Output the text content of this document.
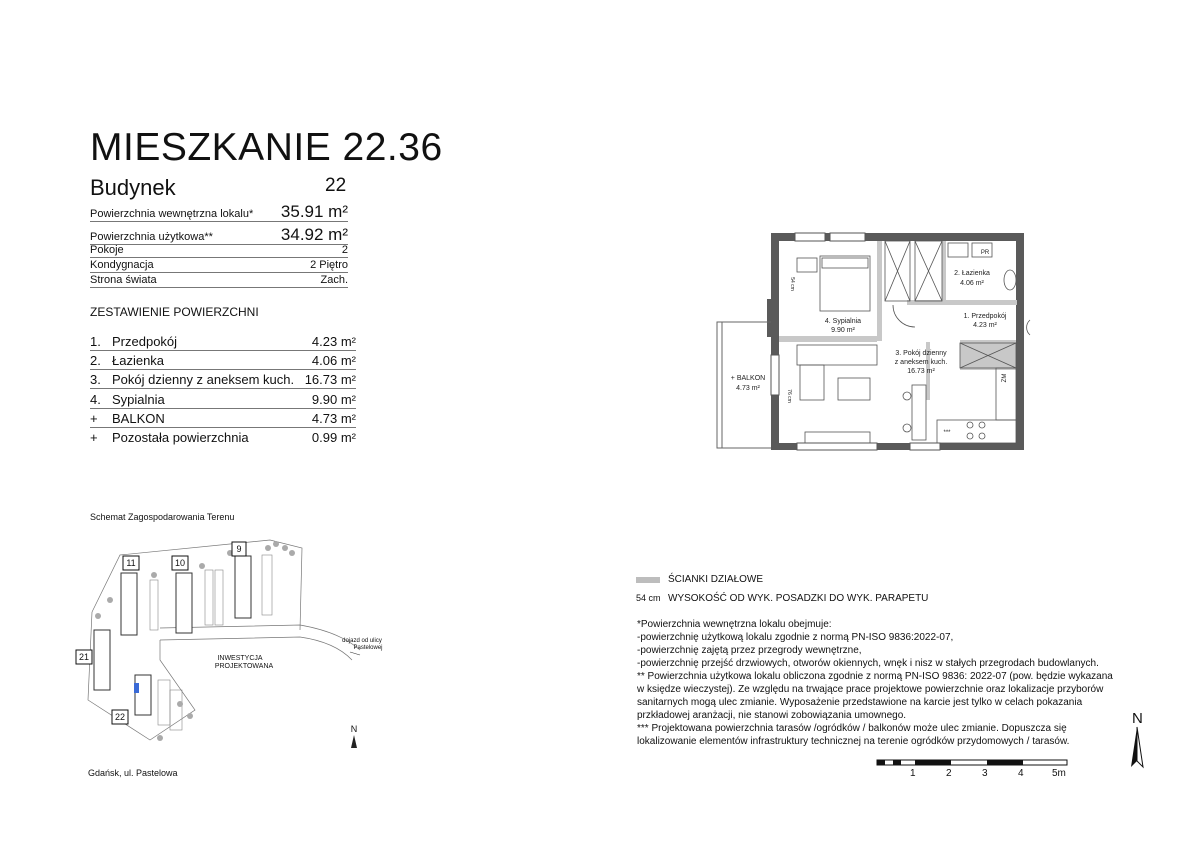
MIESZKANIE 22.36
Budynek	22
Powierzchnia wewnętrzna lokalu* 35.91 m²
Powierzchnia użytkowa**	34.92 m²
Pokoje	2
Kondygnacja	2 Piętro
Strona świata	Zach.
ZESTAWIENIE POWIERZCHNI
1. Przedpokój	4.23 m²
2. Łazienka	4.06 m²
3. Pokój dzienny z aneksem kuch. 16.73 m²
4. Sypialnia	9.90 m²
+ BALKON	4.73 m²
+ Pozostała powierzchnia	0.99 m²
2. Łazienka
4.06 m²
1. Przedpokój
4.23 m²
4. Sypialnia
9.90 m²
3. Pokój dzienny
z aneksem kuch.
16.73 m²
+ BALKON
4.73 m²
PR
ZM
***
54 cm
76 cm
Schemat Zagospodarowania Terenu
11	10
9
21
22
INWESTYCJA
PROJEKTOWANA
dojazd od ulicy
Pastelowej
N
Gdańsk, ul. Pastelowa
ŚCIANKI DZIAŁOWE
54 cm WYSOKOŚĆ OD WYK. POSADZKI DO WYK. PARAPETU
*Powierzchnia wewnętrzna lokalu obejmuje:
-powierzchnię użytkową lokalu zgodnie z normą PN-ISO 9836:2022-07,
-powierzchnię zajętą przez przegrody wewnętrzne,
-powierzchnię przejść drzwiowych, otworów okiennych, wnęk i nisz w stałych przegrodach budowlanych.
** Powierzchnia użytkowa lokalu obliczona zgodnie z normą PN-ISO 9836: 2022-07 (pow. będzie wykazana
w księdze wieczystej). Ze względu na trwające prace projektowe powierzchnie oraz lokalizacje przyborów
sanitarnych mogą ulec zmianie. Wyposażenie przedstawione na karcie jest tylko w celach pokazania
przkładowej aranżacji, nie stanowi zobowiązania umownego.
*** Projektowana powierzchnia tarasów /ogródków / balkonów może ulec zmianie. Dopuszcza się
lokalizowanie elementów infrastruktury technicznej na terenie ogródków przydomowych / tarasów.
N
1	2	3	4	5m
